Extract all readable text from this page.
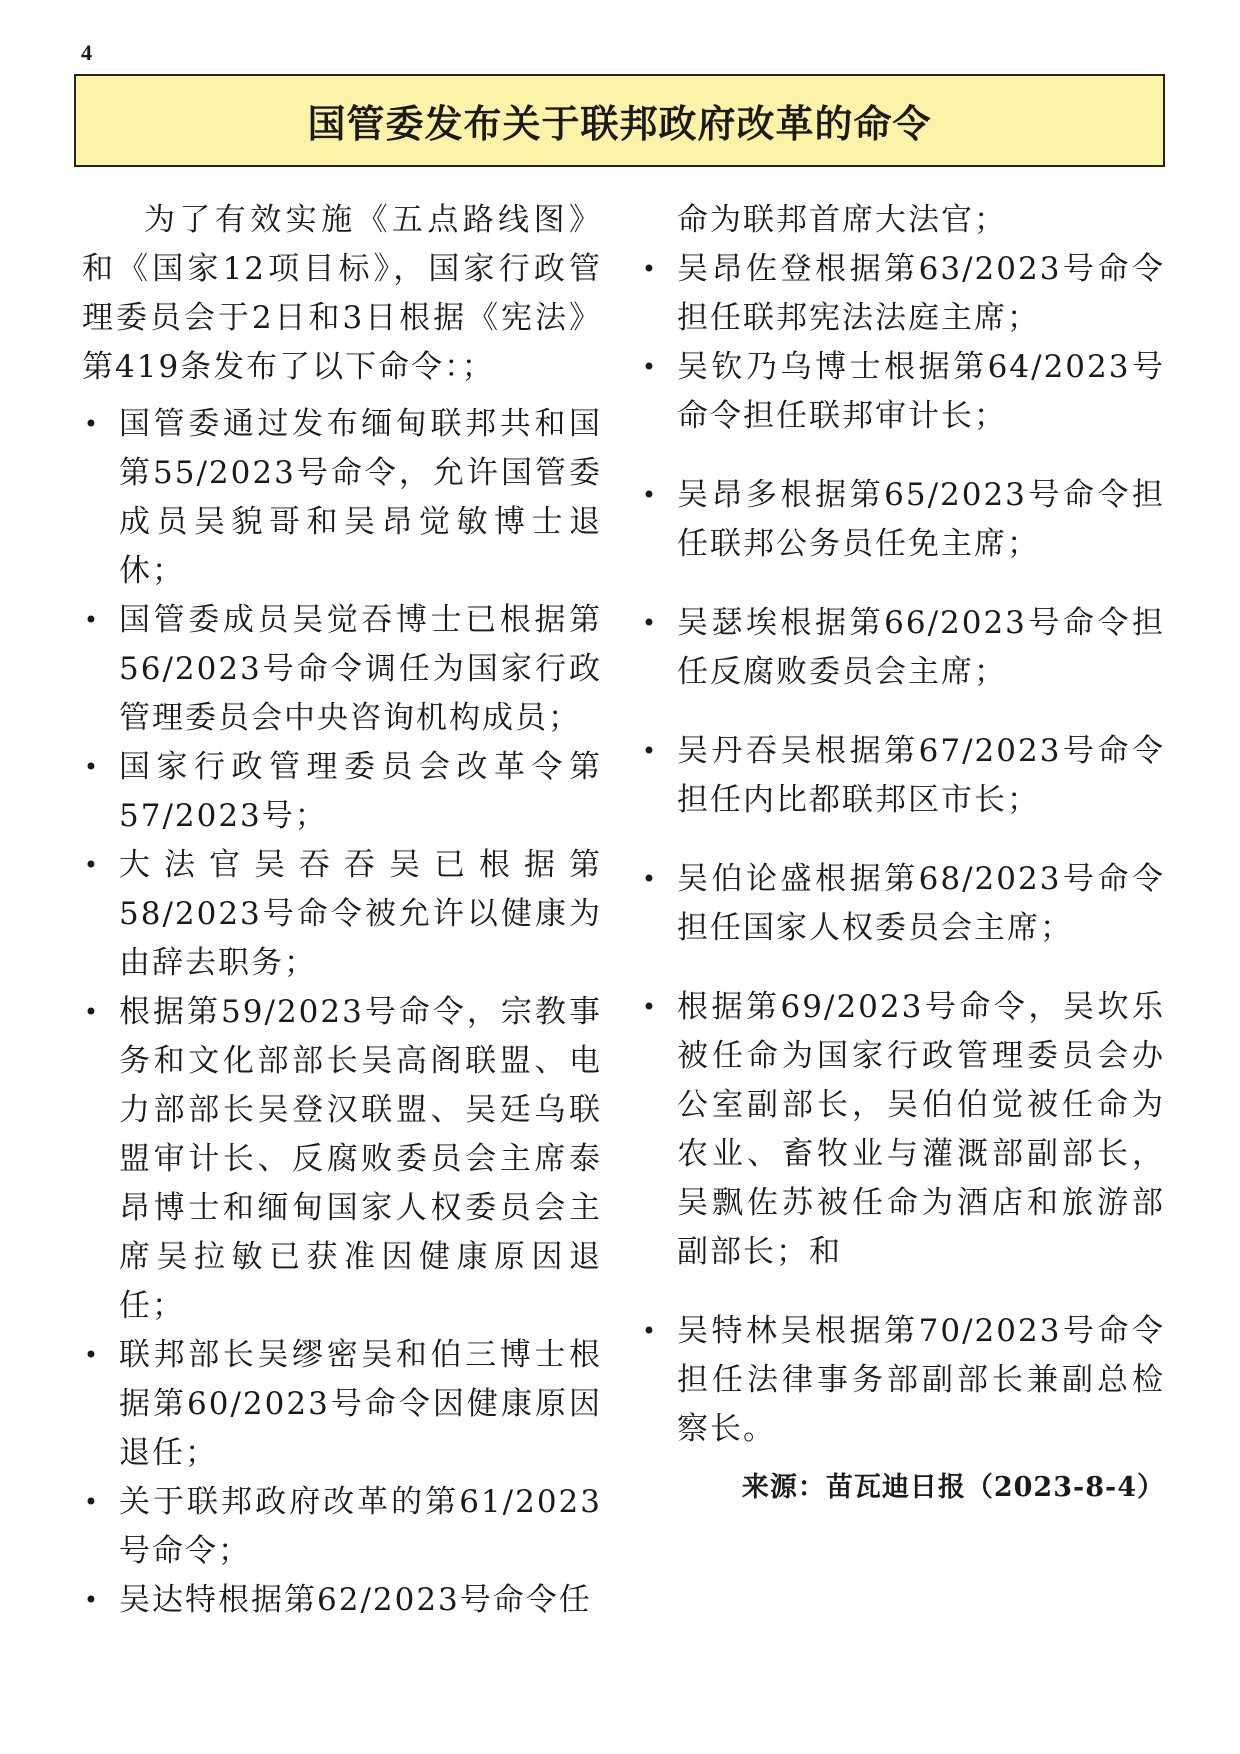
4
国管委发布关于联邦政府改革的命令

为了有效实施《五点路线图》和《国家12项目标》，国家行政管理委员会于2日和3日根据《宪法》第419条发布了以下命令：；

• 国管委通过发布缅甸联邦共和国第55/2023号命令，允许国管委成员吴貌哥和吴昂觉敏博士退休；
• 国管委成员吴觉吞博士已根据第56/2023号命令调任为国家行政管理委员会中央咨询机构成员；
• 国家行政管理委员会改革令第57/2023号；
• 大法官吴吞吞吴已根据第58/2023号命令被允许以健康为由辞去职务；
• 根据第59/2023号命令，宗教事务和文化部部长吴高阁联盟、电力部部长吴登汉联盟、吴廷乌联盟审计长、反腐败委员会主席泰昂博士和缅甸国家人权委员会主席吴拉敏已获准因健康原因退任；
• 联邦部长吴缪密吴和伯三博士根据第60/2023号命令因健康原因退任；
• 关于联邦政府改革的第61/2023号命令；
• 吴达特根据第62/2023号命令任

命为联邦首席大法官；

• 吴昂佐登根据第63/2023号命令担任联邦宪法法庭主席；
• 吴钦乃乌博士根据第64/2023号命令担任联邦审计长；
• 吴昂多根据第65/2023号命令担任联邦公务员任免主席；
• 吴瑟埃根据第66/2023号命令担任反腐败委员会主席；
• 吴丹吞吴根据第67/2023号命令担任内比都联邦区市长；
• 吴伯论盛根据第68/2023号命令担任国家人权委员会主席；
• 根据第69/2023号命令，吴坎乐被任命为国家行政管理委员会办公室副部长，吴伯伯觉被任命为农业、畜牧业与灌溉部副部长，吴飘佐苏被任命为酒店和旅游部副部长；和
• 吴特林吴根据第70/2023号命令担任法律事务部副部长兼副总检察长。
来源：苗瓦迪日报（2023-8-4）
